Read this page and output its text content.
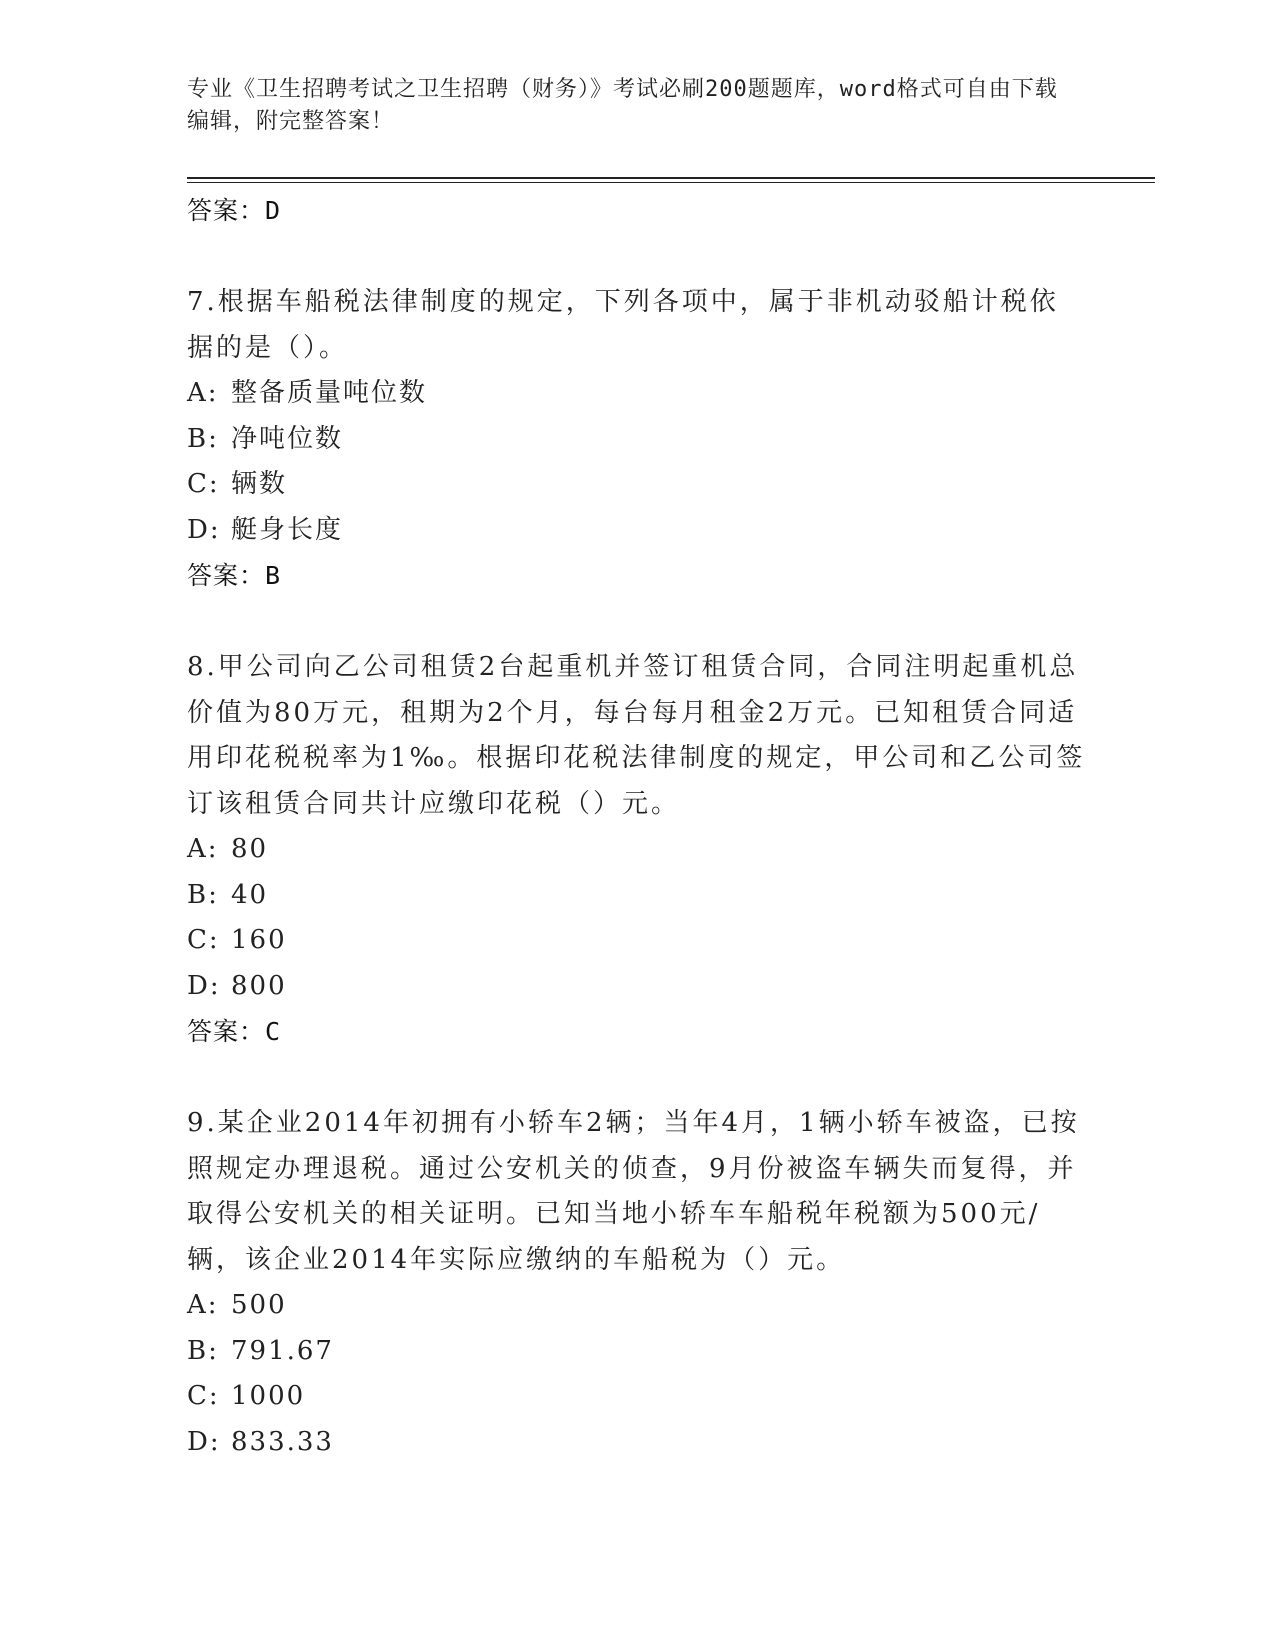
专业《卫生招聘考试之卫生招聘（财务）》考试必刷200题题库，word格式可自由下载编辑，附完整答案！
答案：D
7.根据车船税法律制度的规定，下列各项中，属于非机动驳船计税依据的是（）。
A: 整备质量吨位数
B: 净吨位数
C: 辆数
D: 艇身长度
答案：B
8.甲公司向乙公司租赁2台起重机并签订租赁合同，合同注明起重机总价值为80万元，租期为2个月，每台每月租金2万元。已知租赁合同适用印花税税率为1‰。根据印花税法律制度的规定，甲公司和乙公司签订该租赁合同共计应缴印花税（）元。
A: 80
B: 40
C: 160
D: 800
答案：C
9.某企业2014年初拥有小轿车2辆；当年4月，1辆小轿车被盗，已按照规定办理退税。通过公安机关的侦查，9月份被盗车辆失而复得，并取得公安机关的相关证明。已知当地小轿车车船税年税额为500元/辆，该企业2014年实际应缴纳的车船税为（）元。
A: 500
B: 791.67
C: 1000
D: 833.33
